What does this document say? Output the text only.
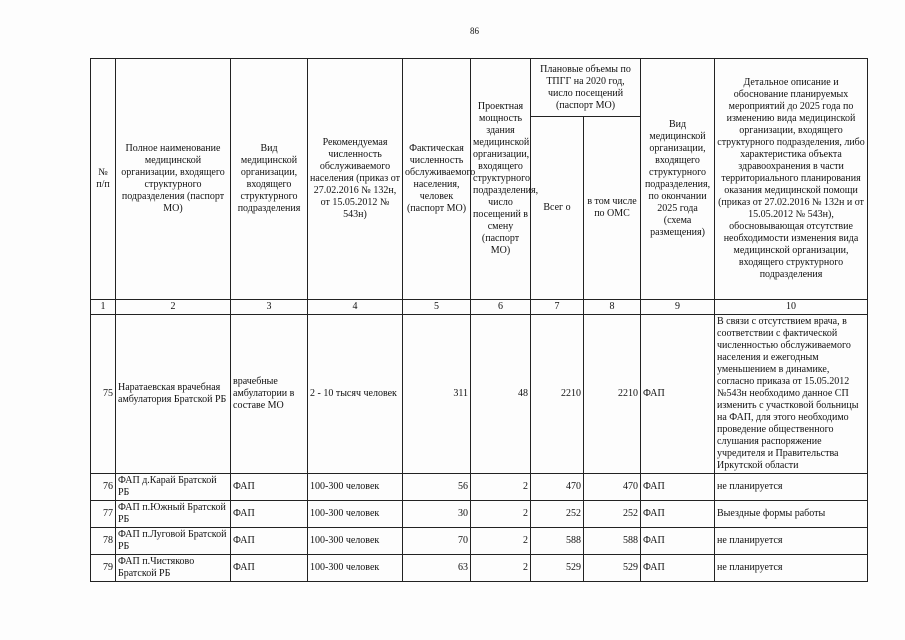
86
№ п/п	Полное наименование медицинской организации, входящего структурного подразделения (паспорт МО)	Вид медицинской организации, входящего структурного подразделения	Рекомендуемая численность обслуживаемого населения (приказ от 27.02.2016 № 132н, от 15.05.2012 № 543н)	Фактическая численность обслуживаемого населения, человек (паспорт МО)	Проектная мощность здания медицинской организации, входящего структурного подразделения, число посещений в смену (паспорт МО)	Плановые объемы по ТПГГ на 2020 год, число посещений (паспорт МО)		Вид медицинской организации, входящего структурного подразделения, по окончании 2025 года (схема размещения)	Детальное описание и обоснование планируемых мероприятий до 2025 года по изменению вида медицинской организации, входящего структурного подразделения, либо характеристика объекта здравоохранения в части территориального планирования оказания медицинской помощи (приказ от 27.02.2016 № 132н и от 15.05.2012 № 543н), обосновывающая отсутствие необходимости изменения вида медицинской организации, входящего структурного подразделения
						Всег о	в том числе по ОМС		
1	2	3	4	5	6	7	8	9	10
75	Наратаевская врачебная амбулатория Братской РБ	врачебные амбулатории в составе МО	2 - 10 тысяч человек	311	48	2210	2210	ФАП	В связи с отсутствием врача, в соответствии с фактической численностью обслуживаемого населения и ежегодным уменьшением в динамике, согласно приказа от 15.05.2012 №543н необходимо данное СП изменить с участковой больницы на ФАП, для этого необходимо проведение общественного слушания распоряжение учредителя и Правительства Иркутской области
76	ФАП д.Карай Братской РБ	ФАП	100-300 человек	56	2	470	470	ФАП	не планируется
77	ФАП п.Южный Братской РБ	ФАП	100-300 человек	30	2	252	252	ФАП	Выездные формы работы
78	ФАП п.Луговой Братской РБ	ФАП	100-300 человек	70	2	588	588	ФАП	не планируется
79	ФАП п.Чистяково Братской РБ	ФАП	100-300 человек	63	2	529	529	ФАП	не планируется
